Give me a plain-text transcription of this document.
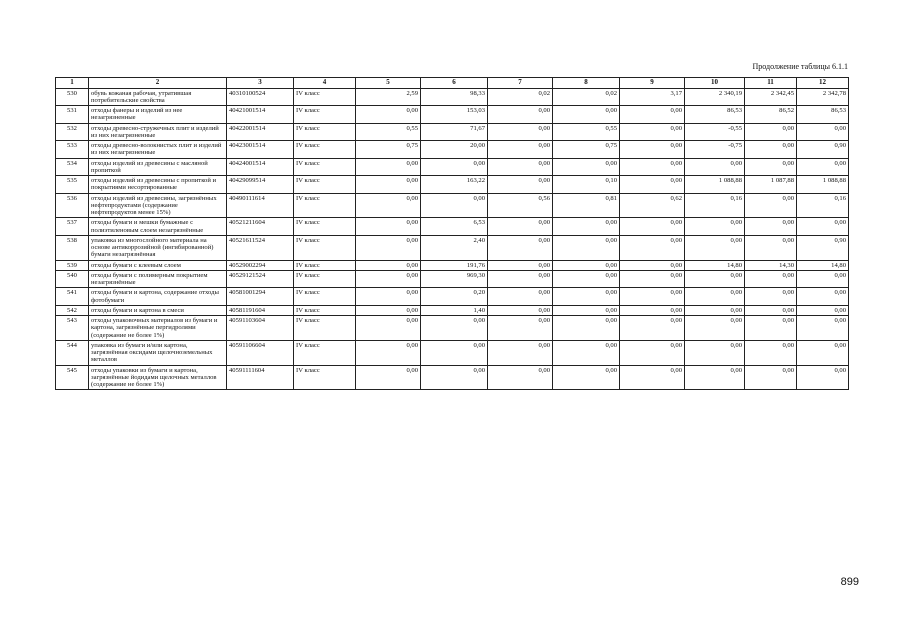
Продолжение таблицы 6.1.1
1	2	3	4	5	6	7	8	9	10	11	12
530	обувь кожаная рабочая, утратившая потребительские свойства	40310100524	IV класс	2,59	98,33	0,02	0,02	3,17	2 340,19	2 342,45	2 342,78
531	отходы фанеры и изделий из нее незагрязненные	40421001514	IV класс	0,00	153,03	0,00	0,00	0,00	86,53	86,52	86,53
532	отходы древесно-стружечных плит и изделий из них незагрязненные	40422001514	IV класс	0,55	71,67	0,00	0,55	0,00	-0,55	0,00	0,00
533	отходы древесно-волокнистых плит и изделий из них незагрязненные	40423001514	IV класс	0,75	20,00	0,00	0,75	0,00	-0,75	0,00	0,90
534	отходы изделий из древесины с масляной пропиткой	40424001514	IV класс	0,00	0,00	0,00	0,00	0,00	0,00	0,00	0,00
535	отходы изделий из древесины с пропиткой и покрытиями несортированные	40429099514	IV класс	0,00	163,22	0,00	0,10	0,00	1 088,88	1 087,88	1 088,88
536	отходы изделий из древесины, загрязнённых нефтепродуктами (содержание нефтепродуктов менее 15%)	40490111614	IV класс	0,00	0,00	0,56	0,81	0,62	0,16	0,00	0,16
537	отходы бумаги и мешки бумажные с полиэтиленовым слоем незагрязнённые	40521211604	IV класс	0,00	6,53	0,00	0,00	0,00	0,00	0,00	0,00
538	упаковка из многослойного материала на основе антикоррозийной (ингибированной) бумаги незагрязнённая	40521611524	IV класс	0,00	2,40	0,00	0,00	0,00	0,00	0,00	0,90
539	отходы бумаги с клеевым слоем	40529002294	IV класс	0,00	191,76	0,00	0,00	0,00	14,80	14,30	14,80
540	отходы бумаги с полимерным покрытием незагрязнённые	40529121524	IV класс	0,00	969,30	0,00	0,00	0,00	0,00	0,00	0,00
541	отходы бумаги и картона, содержание отходы фотобумаги	40581001294	IV класс	0,00	0,20	0,00	0,00	0,00	0,00	0,00	0,00
542	отходы бумаги и картона в смеси	40581191604	IV класс	0,00	1,40	0,00	0,00	0,00	0,00	0,00	0,00
543	отходы упаковочных материалов из бумаги и картона, загрязнённые пергидролями (содержание не более 1%)	40591103604	IV класс	0,00	0,00	0,00	0,00	0,00	0,00	0,00	0,00
544	упаковка из бумаги и/или картона, загрязнённая оксидами щелочноземельных металлов	40591106604	IV класс	0,00	0,00	0,00	0,00	0,00	0,00	0,00	0,00
545	отходы упаковки из бумаги и картона, загрязнённые йодидами щелочных металлов (содержание не более 1%)	40591111604	IV класс	0,00	0,00	0,00	0,00	0,00	0,00	0,00	0,00
899
